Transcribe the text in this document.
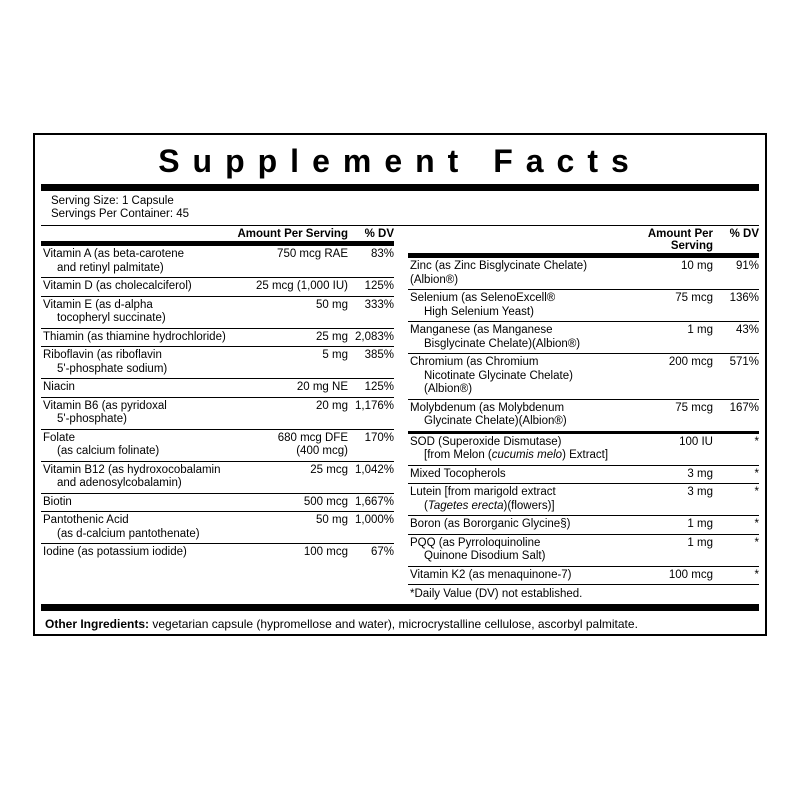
Supplement Facts
Serving Size: 1 Capsule
Servings Per Container: 45
	Amount Per Serving	% DV
Vitamin A (as beta-carotene
and retinyl palmitate)	750 mcg RAE	83%
Vitamin D (as cholecalciferol)	25 mcg (1,000 IU)	125%
Vitamin E (as d-alpha
tocopheryl succinate)	50 mg	333%
Thiamin (as thiamine hydrochloride)	25 mg	2,083%
Riboflavin (as riboflavin
5'-phosphate sodium)	5 mg	385%
Niacin	20 mg NE	125%
Vitamin B6 (as pyridoxal
5'-phosphate)	20 mg	1,176%
Folate
(as calcium folinate)	680 mcg DFE
(400 mcg)	170%
Vitamin B12 (as hydroxocobalamin
and adenosylcobalamin)	25 mcg	1,042%
Biotin	500 mcg	1,667%
Pantothenic Acid
(as d-calcium pantothenate)	50 mg	1,000%
Iodine (as potassium iodide)	100 mcg	67%
	Amount Per Serving	% DV
Zinc (as Zinc Bisglycinate Chelate)(Albion®)	10 mg	91%
Selenium (as SelenoExcell®
High Selenium Yeast)	75 mcg	136%
Manganese (as Manganese
Bisglycinate Chelate)(Albion®)	1 mg	43%
Chromium (as Chromium
Nicotinate Glycinate Chelate)(Albion®)	200 mcg	571%
Molybdenum (as Molybdenum
Glycinate Chelate)(Albion®)	75 mcg	167%
SOD (Superoxide Dismutase)
[from Melon (cucumis melo) Extract]	100 IU	*
Mixed Tocopherols	3 mg	*
Lutein [from marigold extract
(Tagetes erecta)(flowers)]	3 mg	*
Boron (as Bororganic Glycine§)	1 mg	*
PQQ (as Pyrroloquinoline
Quinone Disodium Salt)	1 mg	*
Vitamin K2 (as menaquinone-7)	100 mcg	*
*Daily Value (DV) not established.
Other Ingredients: vegetarian capsule (hypromellose and water), microcrystalline cellulose, ascorbyl palmitate.
